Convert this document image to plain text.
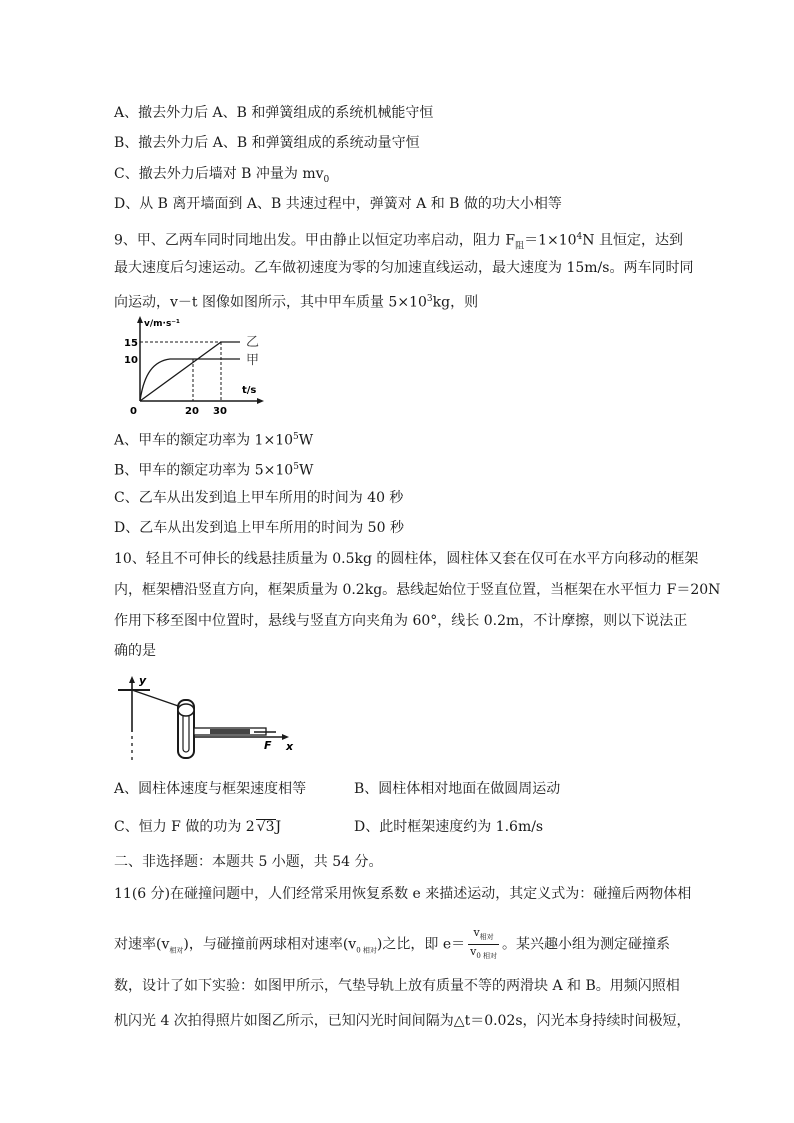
A、撤去外力后 A、B 和弹簧组成的系统机械能守恒
B、撤去外力后 A、B 和弹簧组成的系统动量守恒
C、撤去外力后墙对 B 冲量为 $mv_0$
D、从 B 离开墙面到 A、B 共速过程中，弹簧对 A 和 B 做的功大小相等
9、甲、乙两车同时同地出发。甲由静止以恒定功率启动，阻力 $F_阻=1\times 10^4N$ 且恒定，达到
最大速度后匀速运动。乙车做初速度为零的匀加速直线运动，最大速度为 15m/s。两车同时同
向运动，v－t 图像如图所示，其中甲车质量 $5\times 10^3kg$，则
v/m·s⁻¹
t/s
15
10
0	20 30
乙
甲
A、甲车的额定功率为 $1\times 10^5W$
B、甲车的额定功率为 $5\times 10^5W$
C、乙车从出发到追上甲车所用的时间为 40 秒
D、乙车从出发到追上甲车所用的时间为 50 秒
10、轻且不可伸长的线悬挂质量为 0.5kg 的圆柱体，圆柱体又套在仅可在水平方向移动的框架
内，框架槽沿竖直方向，框架质量为 0.2kg。悬线起始位于竖直位置，当框架在水平恒力 F＝20N
作用下移至图中位置时，悬线与竖直方向夹角为 60°，线长 0.2m，不计摩擦，则以下说法正
确的是
y
F x
A、圆柱体速度与框架速度相等	B、圆柱体相对地面在做圆周运动
C、恒力 F 做的功为 2 √3J	D、此时框架速度约为 1.6m/s
二、非选择题：本题共 5 小题，共 54 分。
11(6 分)在碰撞问题中，人们经常采用恢复系数 e 来描述运动，其定义式为：碰撞后两物体相
对速率$(v_{相对})$，与碰撞前两球相对速率$(v_{0 相对})$之比，即 $e= \frac{v_{相对}}{v_{0 相对}}$ 。某兴趣小组为测定碰撞系
数，设计了如下实验：如图甲所示，气垫导轨上放有质量不等的两滑块 A 和 B。用频闪照相
机闪光 4 次拍得照片如图乙所示，已知闪光时间间隔为△t＝0.02s，闪光本身持续时间极短，
